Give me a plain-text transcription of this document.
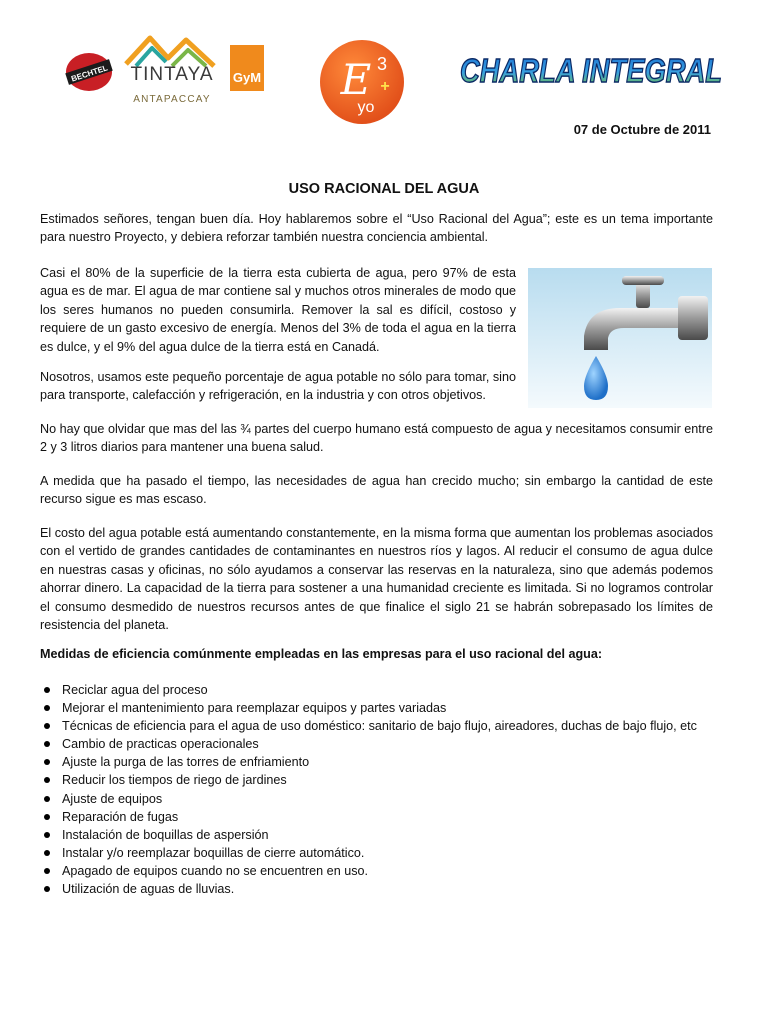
BECHTEL	TINTAYA
ANTAPACCAY
GyM E 3
+
yo
CHARLA INTEGRAL
07 de Octubre de 2011
USO RACIONAL DEL AGUA
Estimados señores, tengan buen día. Hoy hablaremos sobre el “Uso Racional del Agua”; este es un tema importante para nuestro Proyecto, y debiera reforzar también nuestra conciencia ambiental.
Casi el 80% de la superficie de la tierra esta cubierta de agua, pero 97% de esta agua es de mar. El agua de mar contiene sal y muchos otros minerales de modo que los seres humanos no pueden consumirla. Remover la sal es difícil, costoso y requiere de un gasto excesivo de energía. Menos del 3% de toda el agua en la tierra es dulce, y el 9% del agua dulce de la tierra está en Canadá.
Nosotros, usamos este pequeño porcentaje de agua potable no sólo para tomar, sino para transporte, calefacción y refrigeración, en la industria y con otros objetivos.
No hay que olvidar que mas del las ¾ partes del cuerpo humano está compuesto de agua y necesitamos consumir entre 2 y 3 litros diarios para mantener una buena salud.
A medida que ha pasado el tiempo, las necesidades de agua han crecido mucho; sin embargo la cantidad de este recurso sigue es mas escaso.
El costo del agua potable está aumentando constantemente, en la misma forma que aumentan los problemas asociados con el vertido de grandes cantidades de contaminantes en nuestros ríos y lagos. Al reducir el consumo de agua dulce en nuestras casas y oficinas, no sólo ayudamos a conservar las reservas en la naturaleza, sino que además podemos ahorrar dinero. La capacidad de la tierra para sostener a una humanidad creciente es limitada. Si no logramos controlar el consumo desmedido de nuestros recursos antes de que finalice el siglo 21 se habrán sobrepasado los límites de resistencia del planeta.
Medidas de eficiencia comúnmente empleadas en las empresas para el uso racional del agua:
Reciclar agua del proceso
Mejorar el mantenimiento para reemplazar equipos y partes variadas
Técnicas de eficiencia para el agua de uso doméstico: sanitario de bajo flujo, aireadores, duchas de bajo flujo, etc
Cambio de practicas operacionales
Ajuste la purga de las torres de enfriamiento
Reducir los tiempos de riego de jardines
Ajuste de equipos
Reparación de fugas
Instalación de boquillas de aspersión
Instalar y/o reemplazar boquillas de cierre automático.
Apagado de equipos cuando no se encuentren en uso.
Utilización de aguas de lluvias.
